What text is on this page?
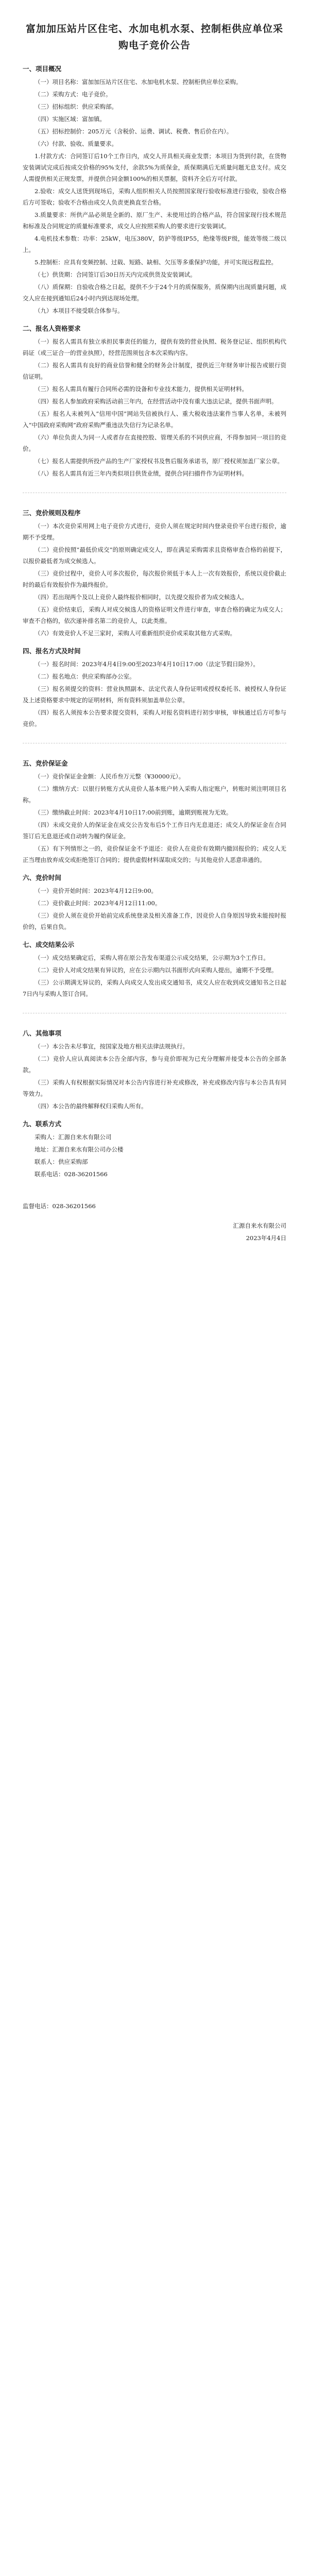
富加加压站片区住宅、水加电机水泵、控制柜供应单位采购电子竞价公告
一、项目概况
（一）项目名称：富加加压站片区住宅、水加电机水泵、控制柜供应单位采购。
（二）采购方式：电子竞价。
（三）招标组织：供应采购部。
（四）实施区域：富加镇。
（五）招标控制价：205万元（含税价、运费、调试、税费、售后价在内）。
（六）付款、验收、质量要求。
1.付款方式：合同签订后10个工作日内，成交人开具相关商业发票；本项目为货到付款，在货物安装调试完成后按成交价格的95%支付，余款5%为质保金，质保期满后无质量问题无息支付。成交人需提供相关正规发票，并提供合同金额100%的相关票据，资料齐全后方可付款。
2.验收：成交人送货到现场后，采购人组织相关人员按照国家现行验收标准进行验收，验收合格后方可签收；验收不合格由成交人负责更换直至合格。
3.质量要求：所供产品必须是全新的、原厂生产、未使用过的合格产品，符合国家现行技术规范和标准及合同规定的质量标准要求，成交人应按照采购人的要求进行安装调试。
4.电机技术参数：功率：25kW，电压380V，防护等级IP55，绝缘等级F级，能效等级二级以上。
5.控制柜：应具有变频控制、过载、短路、缺相、欠压等多重保护功能，并可实现远程监控。
（七）供货期：合同签订后30日历天内完成供货及安装调试。
（八）质保期：自验收合格之日起，提供不少于24个月的质保服务，质保期内出现质量问题，成交人应在接到通知后24小时内到达现场处理。
（九）本项目不接受联合体参与。
二、报名人资格要求
（一）报名人需具有独立承担民事责任的能力，提供有效的营业执照、税务登记证、组织机构代码证（或三证合一的营业执照），经营范围须包含本次采购内容。
（二）报名人需具有良好的商业信誉和健全的财务会计制度，提供近三年财务审计报告或银行资信证明。
（三）报名人需具有履行合同所必需的设备和专业技术能力，提供相关证明材料。
（四）报名人参加政府采购活动前三年内，在经营活动中没有重大违法记录，提供书面声明。
（五）报名人未被列入“信用中国”网站失信被执行人、重大税收违法案件当事人名单，未被列入“中国政府采购网”政府采购严重违法失信行为记录名单。
（六）单位负责人为同一人或者存在直接控股、管理关系的不同供应商，不得参加同一项目的竞价。
（七）报名人需提供所投产品的生产厂家授权书及售后服务承诺书，原厂授权须加盖厂家公章。
（八）报名人需具有近三年内类似项目供货业绩，提供合同扫描件作为证明材料。
三、竞价规则及程序
（一）本次竞价采用网上电子竞价方式进行，竞价人须在规定时间内登录竞价平台进行报价，逾期不予受理。
（二）竞价按照“最低价成交”的原则确定成交人，即在满足采购需求且资格审查合格的前提下，以报价最低者为成交候选人。
（三）竞价过程中，竞价人可多次报价，每次报价须低于本人上一次有效报价，系统以竞价截止时的最后有效报价作为最终报价。
（四）若出现两个及以上竞价人最终报价相同时，以先提交报价者为成交候选人。
（五）竞价结束后，采购人对成交候选人的资格证明文件进行审查，审查合格的确定为成交人；审查不合格的，依次递补排名第二的竞价人，以此类推。
（六）有效竞价人不足三家时，采购人可重新组织竞价或采取其他方式采购。
四、报名方式及时间
（一）报名时间：2023年4月4日9:00至2023年4月10日17:00（法定节假日除外）。
（二）报名地点：供应采购部办公室。
（三）报名须提交的资料：营业执照副本、法定代表人身份证明或授权委托书、被授权人身份证及上述资格要求中规定的证明材料，所有资料须加盖单位公章。
（四）报名人须按本公告要求提交资料，采购人对报名资料进行初步审核，审核通过后方可参与竞价。
五、竞价保证金
（一）竞价保证金金额：人民币叁万元整（¥30000元）。
（二）缴纳方式：以银行转账方式从竞价人基本账户转入采购人指定账户，转账时须注明项目名称。
（三）缴纳截止时间：2023年4月10日17:00前到账，逾期到账视为无效。
（四）未成交竞价人的保证金在成交公告发布后5个工作日内无息退还；成交人的保证金在合同签订后无息退还或自动转为履约保证金。
（五）有下列情形之一的，竞价保证金不予退还：竞价人在竞价有效期内撤回报价的；成交人无正当理由放弃成交或拒绝签订合同的；提供虚假材料谋取成交的；与其他竞价人恶意串通的。
六、竞价时间
（一）竞价开始时间：2023年4月12日9:00。
（二）竞价截止时间：2023年4月12日11:00。
（三）竞价人须在竞价开始前完成系统登录及相关准备工作，因竞价人自身原因导致未能按时报价的，后果自负。
七、成交结果公示
（一）成交结果确定后，采购人将在原公告发布渠道公示成交结果，公示期为3个工作日。
（二）竞价人对成交结果有异议的，应在公示期内以书面形式向采购人提出，逾期不予受理。
（三）公示期满无异议的，采购人向成交人发出成交通知书，成交人应在收到成交通知书之日起7日内与采购人签订合同。
八、其他事项
（一）本公告未尽事宜，按国家及地方相关法律法规执行。
（二）竞价人应认真阅读本公告全部内容，参与竞价即视为已充分理解并接受本公告的全部条款。
（三）采购人有权根据实际情况对本公告内容进行补充或修改，补充或修改内容与本公告具有同等效力。
（四）本公告的最终解释权归采购人所有。
九、联系方式
采购人：汇源自来水有限公司
地址：汇源自来水有限公司办公楼
联系人：供应采购部
联系电话：028-36201566
监督电话：028-36201566
汇源自来水有限公司
2023年4月4日
